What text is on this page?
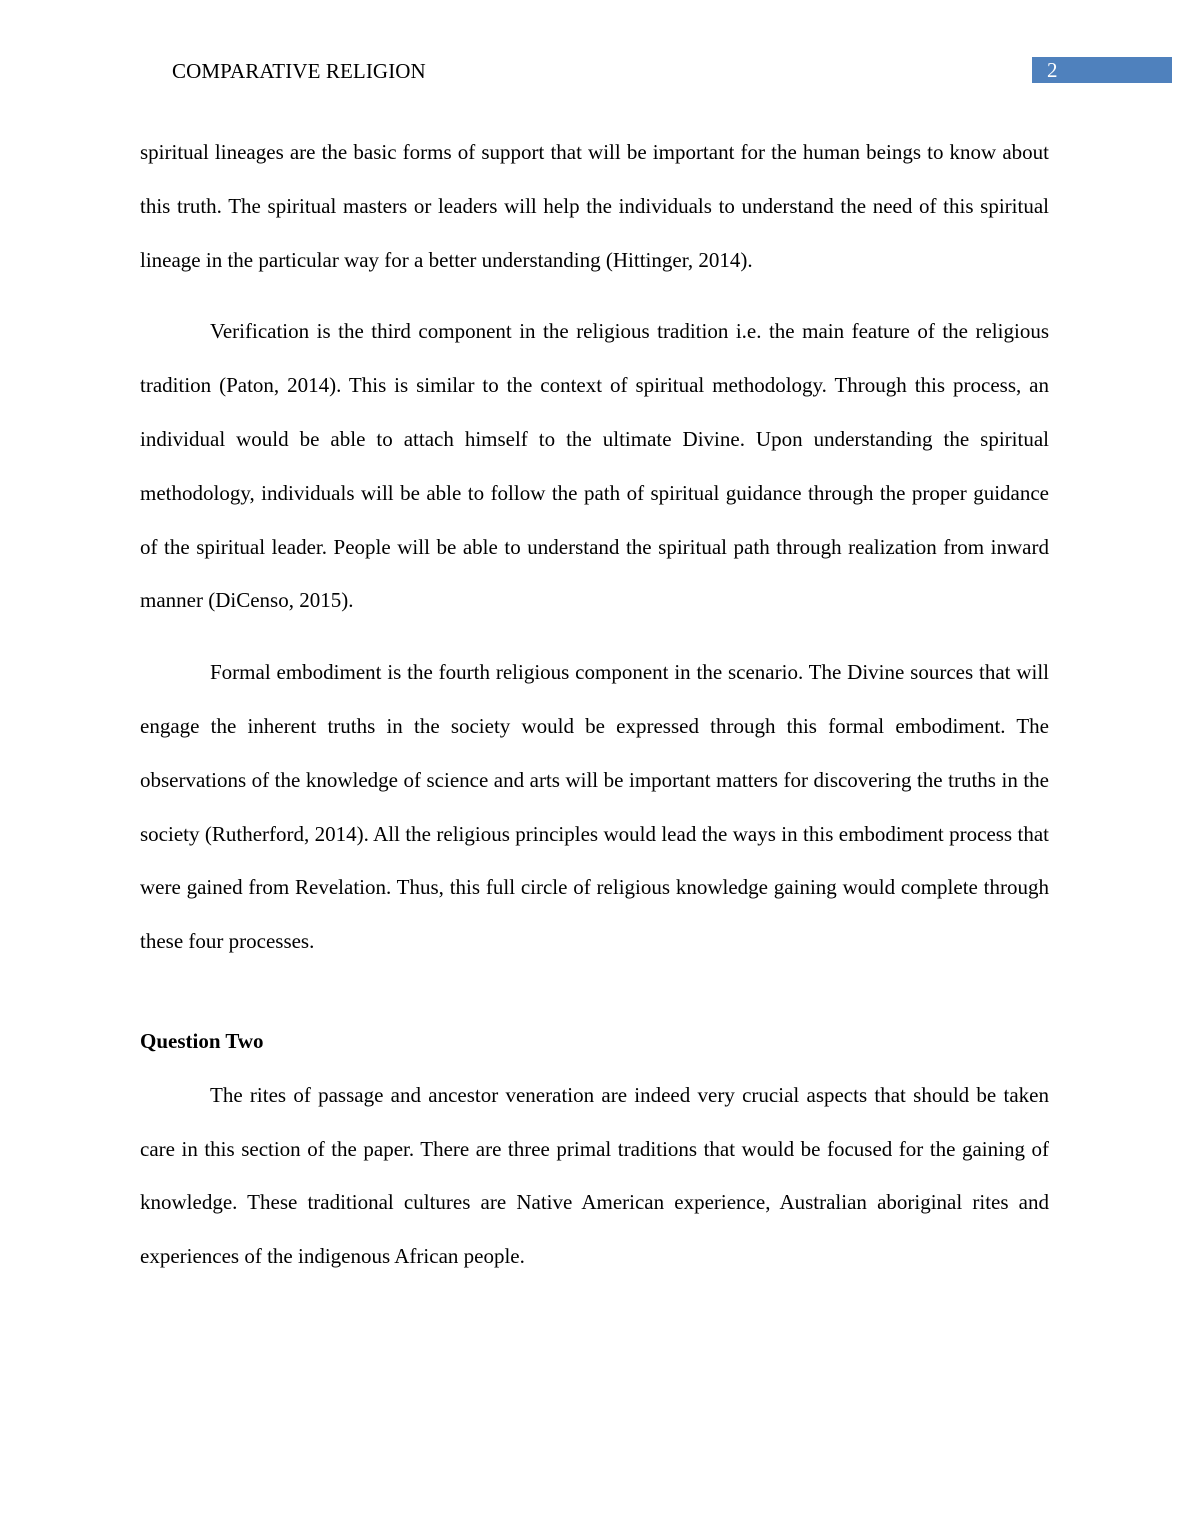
COMPARATIVE RELIGION	2

spiritual lineages are the basic forms of support that will be important for the human beings to know about this truth. The spiritual masters or leaders will help the individuals to understand the need of this spiritual lineage in the particular way for a better understanding (Hittinger, 2014).

Verification is the third component in the religious tradition i.e. the main feature of the religious tradition (Paton, 2014). This is similar to the context of spiritual methodology. Through this process, an individual would be able to attach himself to the ultimate Divine. Upon understanding the spiritual methodology, individuals will be able to follow the path of spiritual guidance through the proper guidance of the spiritual leader. People will be able to understand the spiritual path through realization from inward manner (DiCenso, 2015).

Formal embodiment is the fourth religious component in the scenario. The Divine sources that will engage the inherent truths in the society would be expressed through this formal embodiment. The observations of the knowledge of science and arts will be important matters for discovering the truths in the society (Rutherford, 2014). All the religious principles would lead the ways in this embodiment process that were gained from Revelation. Thus, this full circle of religious knowledge gaining would complete through these four processes.

Question Two

The rites of passage and ancestor veneration are indeed very crucial aspects that should be taken care in this section of the paper. There are three primal traditions that would be focused for the gaining of knowledge. These traditional cultures are Native American experience, Australian aboriginal rites and experiences of the indigenous African people.
